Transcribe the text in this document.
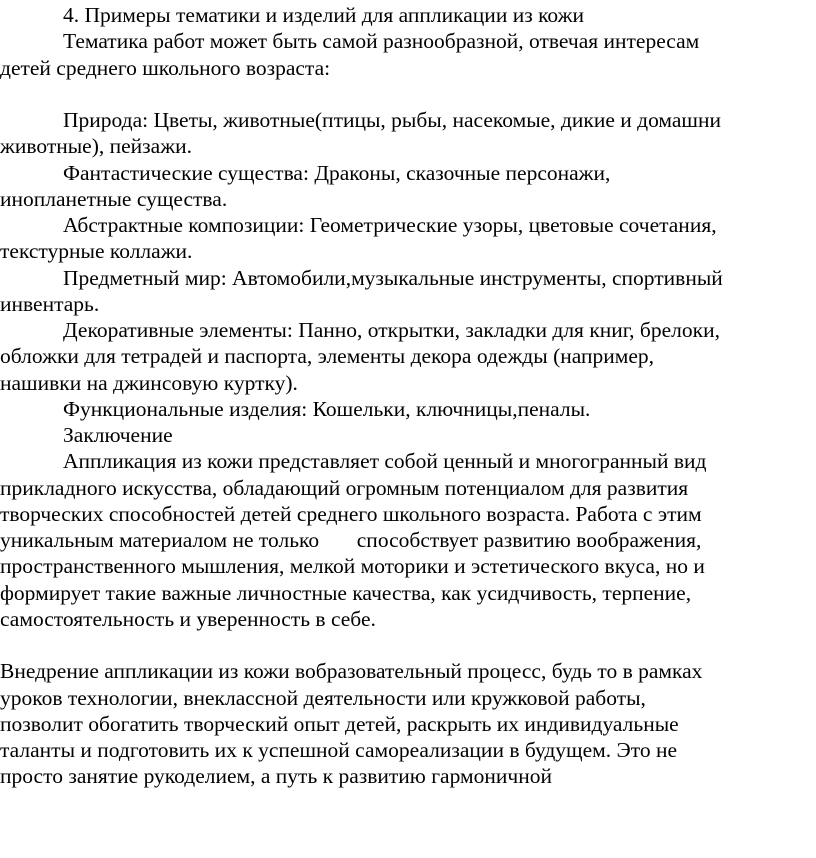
4. Примеры тематики и изделий для аппликации из кожи
Тематика работ может быть самой разнообразной, отвечая интересам
детей среднего школьного возраста:
Природа: Цветы, животные(птицы, рыбы, насекомые, дикие и домашни
животные), пейзажи.
Фантастические существа: Драконы, сказочные персонажи,
инопланетные существа.
Абстрактные композиции: Геометрические узоры, цветовые сочетания,
текстурные коллажи.
Предметный мир: Автомобили,музыкальные инструменты, спортивный
инвентарь.
Декоративные элементы: Панно, открытки, закладки для книг, брелоки,
обложки для тетрадей и паспорта, элементы декора одежды (например,
нашивки на джинсовую куртку).
Функциональные изделия: Кошельки, ключницы,пеналы.
Заключение
Аппликация из кожи представляет собой ценный и многогранный вид
прикладного искусства, обладающий огромным потенциалом для развития
творческих способностей детей среднего школьного возраста. Работа с этим
уникальным материалом не только       способствует развитию воображения,
пространственного мышления, мелкой моторики и эстетического вкуса, но и
формирует такие важные личностные качества, как усидчивость, терпение,
самостоятельность и уверенность в себе.
Внедрение аппликации из кожи вобразовательный процесс, будь то в рамках
уроков технологии, внеклассной деятельности или кружковой работы,
позволит обогатить творческий опыт детей, раскрыть их индивидуальные
таланты и подготовить их к успешной самореализации в будущем. Это не
просто занятие рукоделием, а путь к развитию гармоничной
